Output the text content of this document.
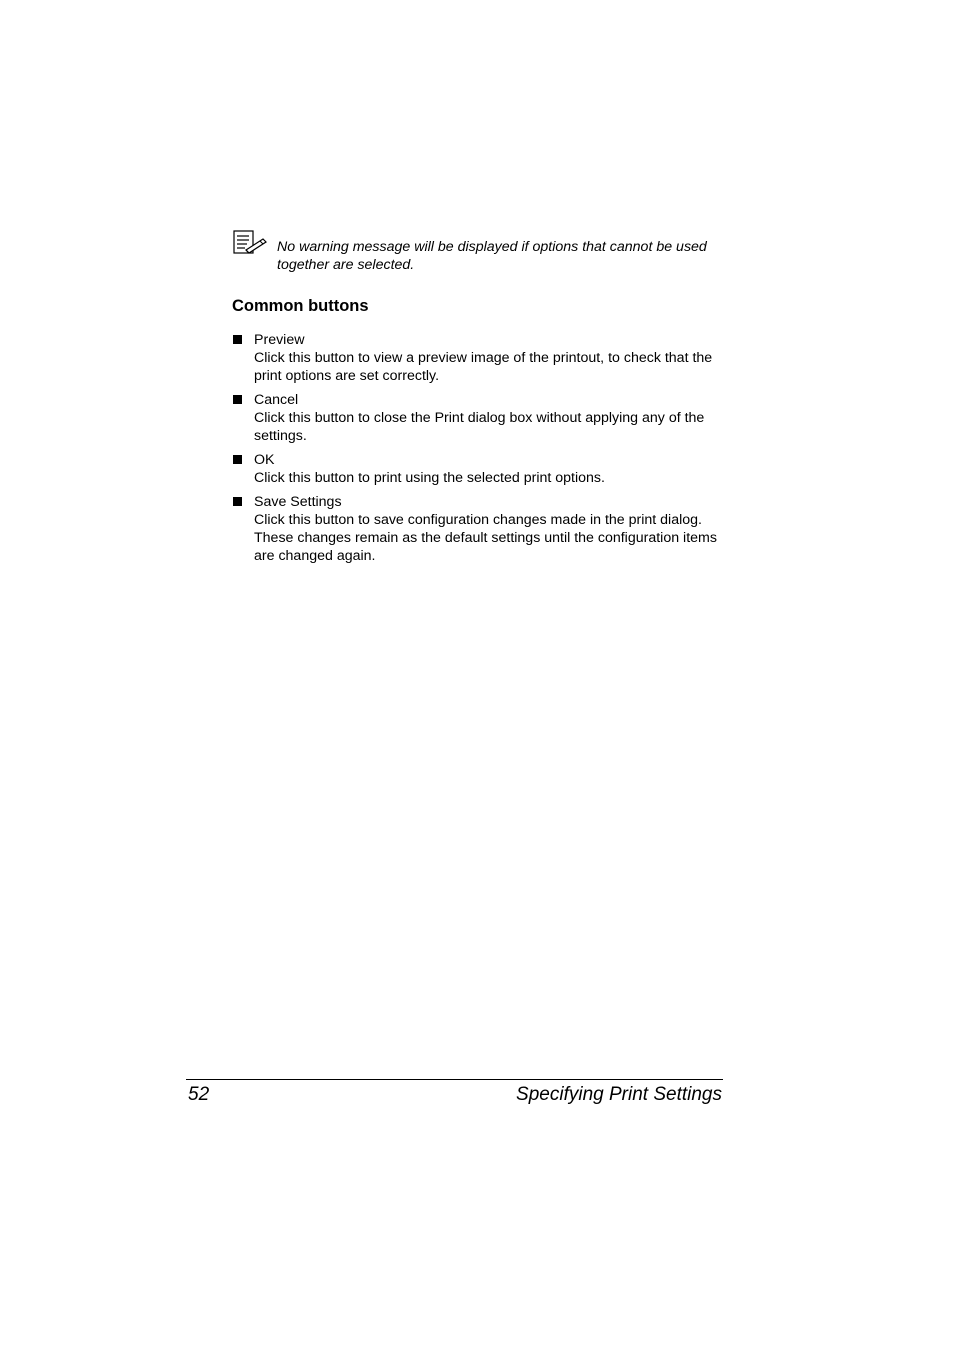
No warning message will be displayed if options that cannot be used together are selected.
Common buttons
Preview
Click this button to view a preview image of the printout, to check that the print options are set correctly.
Cancel
Click this button to close the Print dialog box without applying any of the settings.
OK
Click this button to print using the selected print options.
Save Settings
Click this button to save configuration changes made in the print dialog. These changes remain as the default settings until the configuration items are changed again.
52	Specifying Print Settings
